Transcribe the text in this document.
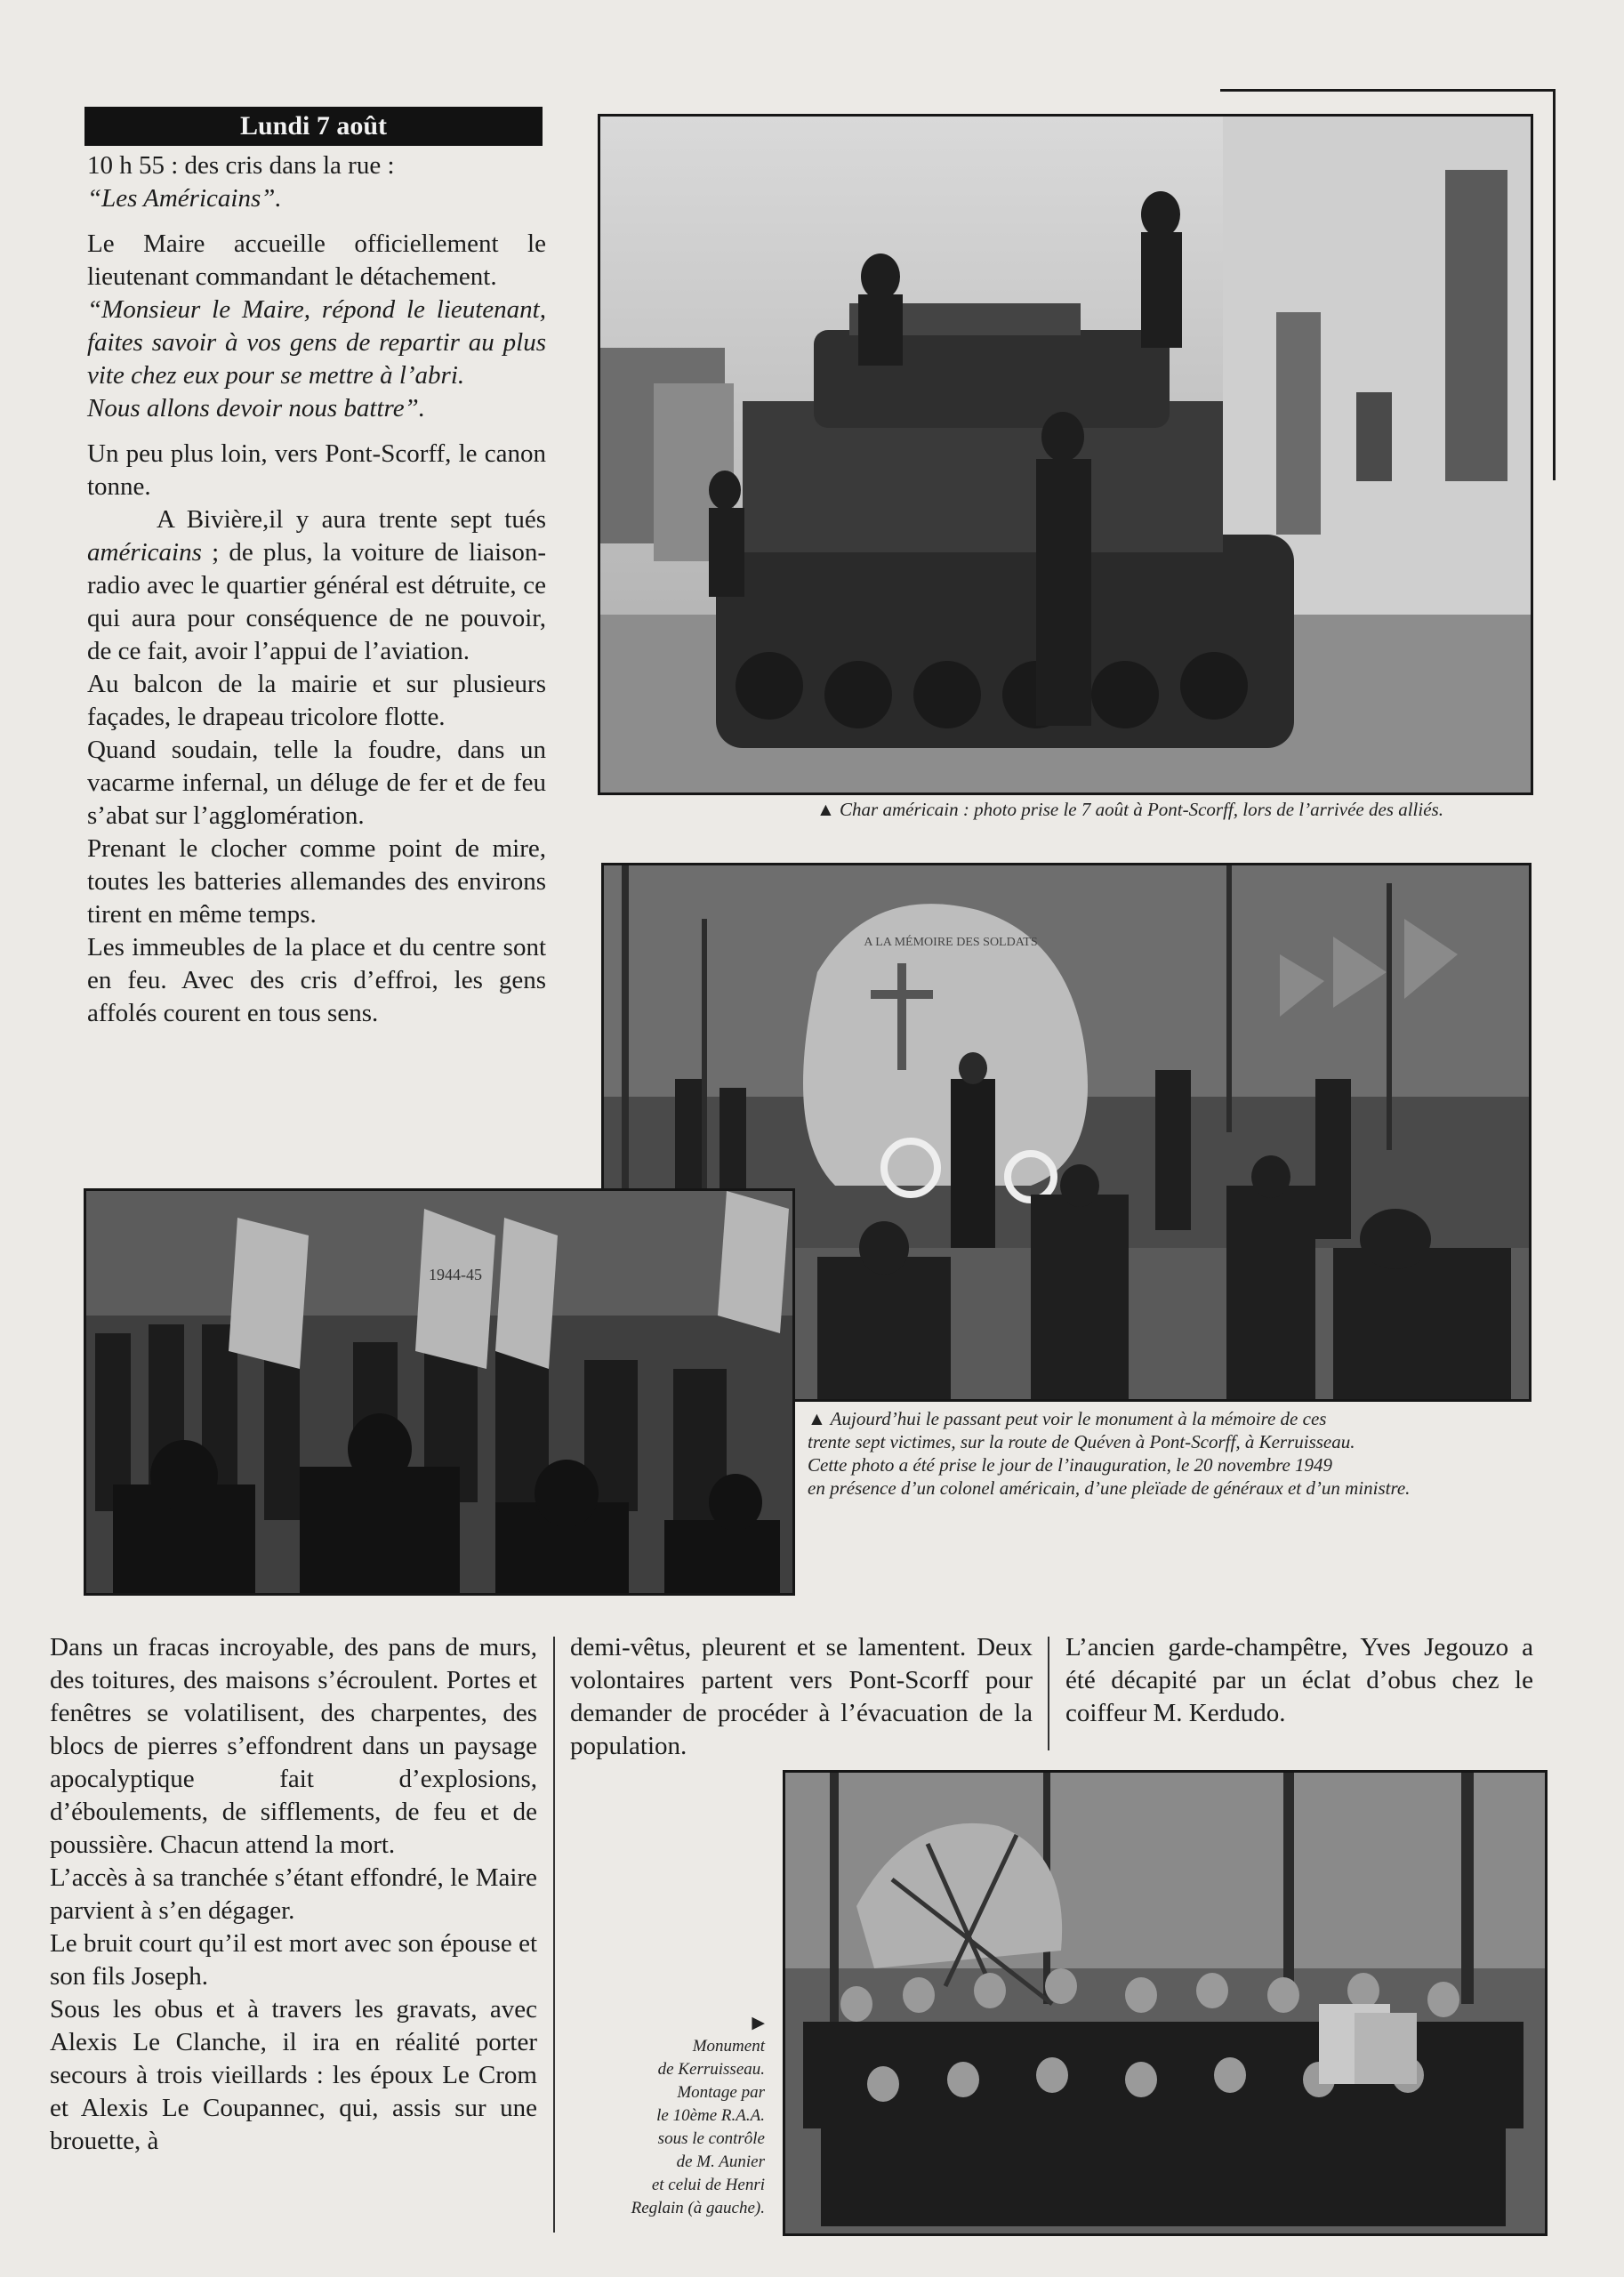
Lundi 7 août

10 h 55 : des cris dans la rue :

“Les Américains”.

Le Maire accueille officiellement le lieutenant commandant le détachement.

“Monsieur le Maire, répond le lieutenant, faites savoir à vos gens de repartir au plus vite chez eux pour se mettre à l’abri.

Nous allons devoir nous battre”.

Un peu plus loin, vers Pont-Scorff, le canon tonne.

A Bivière,il y aura trente sept tués américains ; de plus, la voiture de liaison-radio avec le quartier général est détruite, ce qui aura pour conséquence de ne pouvoir, de ce fait, avoir l’appui de l’aviation.

Au balcon de la mairie et sur plusieurs façades, le drapeau tricolore flotte.

Quand soudain, telle la foudre, dans un vacarme infernal, un déluge de fer et de feu s’abat sur l’agglomération.

Prenant le clocher comme point de mire, toutes les batteries allemandes des environs tirent en même temps.

Les immeubles de la place et du centre sont en feu. Avec des cris d’effroi, les gens affolés courent en tous sens.

▲ Char américain : photo prise le 7 août à Pont-Scorff, lors de l’arrivée des alliés.

A LA MÉMOIRE DES SOLDATS

▲ Aujourd’hui le passant peut voir le monument à la mémoire de ces

trente sept victimes, sur la route de Quéven à Pont-Scorff, à Kerruisseau.

Cette photo a été prise le jour de l’inauguration, le 20 novembre 1949

en présence d’un colonel américain, d’une pleïade de généraux et d’un ministre.

1944-45

Dans un fracas incroyable, des pans de murs, des toitures, des maisons s’écroulent. Portes et fenêtres se volatilisent, des charpentes, des blocs de pierres s’effondrent dans un paysage apocalyptique fait d’explosions, d’éboulements, de sifflements, de feu et de poussière. Chacun attend la mort.

L’accès à sa tranchée s’étant effondré, le Maire parvient à s’en dégager.

Le bruit court qu’il est mort avec son épouse et son fils Joseph.

Sous les obus et à travers les gravats, avec Alexis Le Clanche, il ira en réalité porter secours à trois vieillards : les époux Le Crom et Alexis Le Coupannec, qui, assis sur une brouette, à

demi-vêtus, pleurent et se lamentent. Deux volontaires partent vers Pont-Scorff pour demander de procéder à l’évacuation de la population.

L’ancien garde-champêtre, Yves Jegouzo a été décapité par un éclat d’obus chez le coiffeur M. Kerdudo.

▶

Monument

de Kerruisseau.

Montage par

le 10ème R.A.A.

sous le contrôle

de M. Aunier

et celui de Henri

Reglain (à gauche).
